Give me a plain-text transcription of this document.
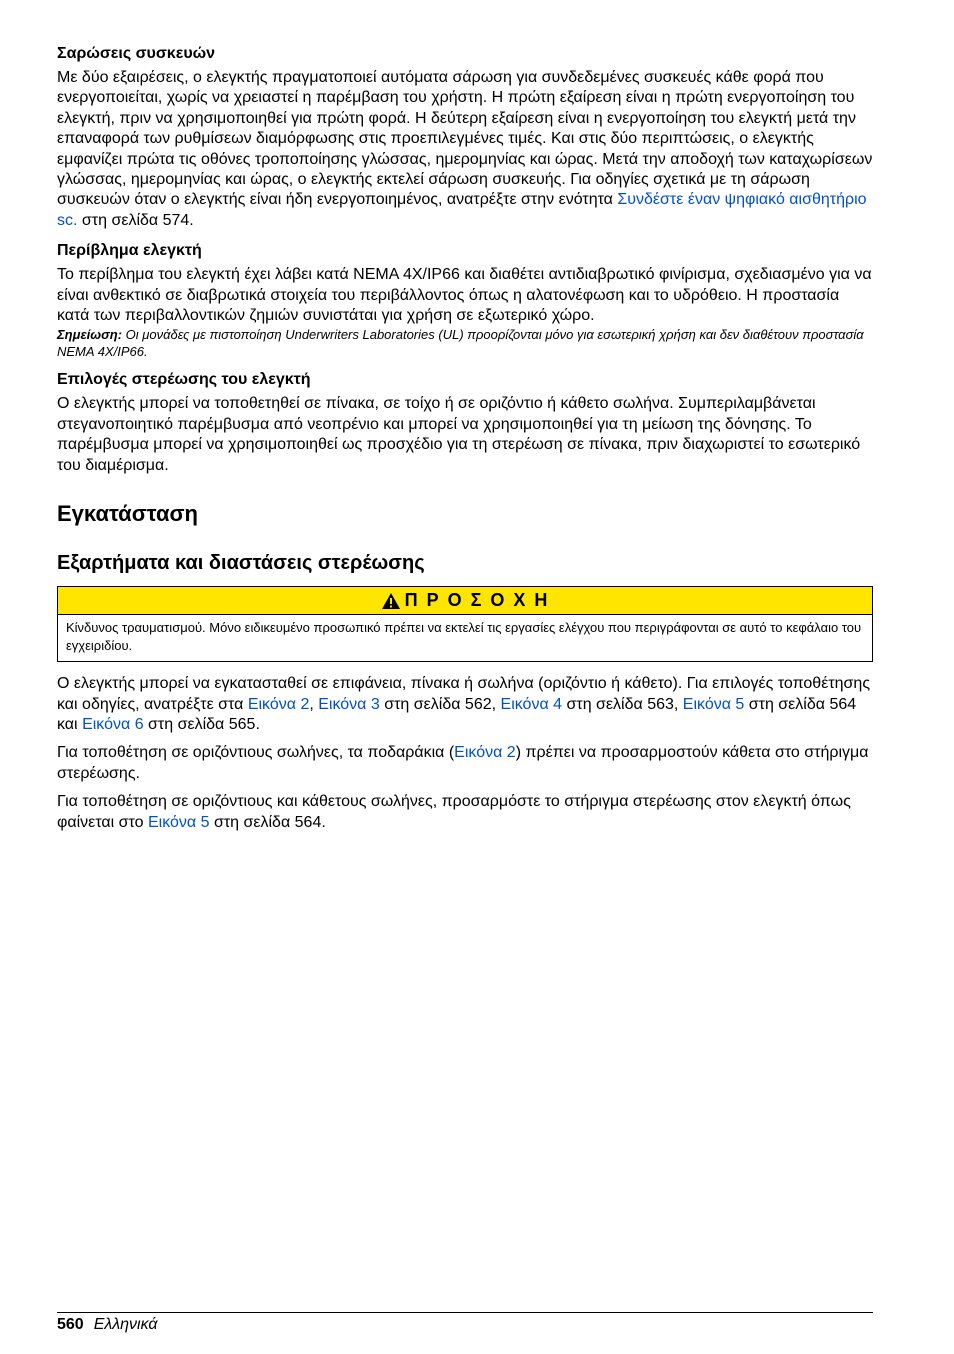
Σαρώσεις συσκευών

Με δύο εξαιρέσεις, ο ελεγκτής πραγματοποιεί αυτόματα σάρωση για συνδεδεμένες συσκευές κάθε φορά που ενεργοποιείται, χωρίς να χρειαστεί η παρέμβαση του χρήστη. Η πρώτη εξαίρεση είναι η πρώτη ενεργοποίηση του ελεγκτή, πριν να χρησιμοποιηθεί για πρώτη φορά. Η δεύτερη εξαίρεση είναι η ενεργοποίηση του ελεγκτή μετά την επαναφορά των ρυθμίσεων διαμόρφωσης στις προεπιλεγμένες τιμές. Και στις δύο περιπτώσεις, ο ελεγκτής εμφανίζει πρώτα τις οθόνες τροποποίησης γλώσσας, ημερομηνίας και ώρας. Μετά την αποδοχή των καταχωρίσεων γλώσσας, ημερομηνίας και ώρας, ο ελεγκτής εκτελεί σάρωση συσκευής. Για οδηγίες σχετικά με τη σάρωση συσκευών όταν ο ελεγκτής είναι ήδη ενεργοποιημένος, ανατρέξτε στην ενότητα Συνδέστε έναν ψηφιακό αισθητήριο sc. στη σελίδα 574.

Περίβλημα ελεγκτή

Το περίβλημα του ελεγκτή έχει λάβει κατά NEMA 4X/IP66 και διαθέτει αντιδιαβρωτικό φινίρισμα, σχεδιασμένο για να είναι ανθεκτικό σε διαβρωτικά στοιχεία του περιβάλλοντος όπως η αλατονέφωση και το υδρόθειο. Η προστασία κατά των περιβαλλοντικών ζημιών συνιστάται για χρήση σε εξωτερικό χώρο.

Σημείωση: Οι μονάδες με πιστοποίηση Underwriters Laboratories (UL) προορίζονται μόνο για εσωτερική χρήση και δεν διαθέτουν προστασία NEMA 4X/IP66.

Επιλογές στερέωσης του ελεγκτή

Ο ελεγκτής μπορεί να τοποθετηθεί σε πίνακα, σε τοίχο ή σε οριζόντιο ή κάθετο σωλήνα. Συμπεριλαμβάνεται στεγανοποιητικό παρέμβυσμα από νεοπρένιο και μπορεί να χρησιμοποιηθεί για τη μείωση της δόνησης. Το παρέμβυσμα μπορεί να χρησιμοποιηθεί ως προσχέδιο για τη στερέωση σε πίνακα, πριν διαχωριστεί το εσωτερικό του διαμέρισμα.

Εγκατάσταση
Εξαρτήματα και διαστάσεις στερέωσης
Π Ρ Ο Σ Ο Χ Η
Κίνδυνος τραυματισμού. Μόνο ειδικευμένο προσωπικό πρέπει να εκτελεί τις εργασίες ελέγχου που περιγράφονται σε αυτό το κεφάλαιο του εγχειριδίου.

Ο ελεγκτής μπορεί να εγκατασταθεί σε επιφάνεια, πίνακα ή σωλήνα (οριζόντιο ή κάθετο). Για επιλογές τοποθέτησης και οδηγίες, ανατρέξτε στα Εικόνα 2, Εικόνα 3 στη σελίδα 562, Εικόνα 4 στη σελίδα 563, Εικόνα 5 στη σελίδα 564 και Εικόνα 6 στη σελίδα 565.

Για τοποθέτηση σε οριζόντιους σωλήνες, τα ποδαράκια (Εικόνα 2) πρέπει να προσαρμοστούν κάθετα στο στήριγμα στερέωσης.

Για τοποθέτηση σε οριζόντιους και κάθετους σωλήνες, προσαρμόστε το στήριγμα στερέωσης στον ελεγκτή όπως φαίνεται στο Εικόνα 5 στη σελίδα 564.

560 Ελληνικά
